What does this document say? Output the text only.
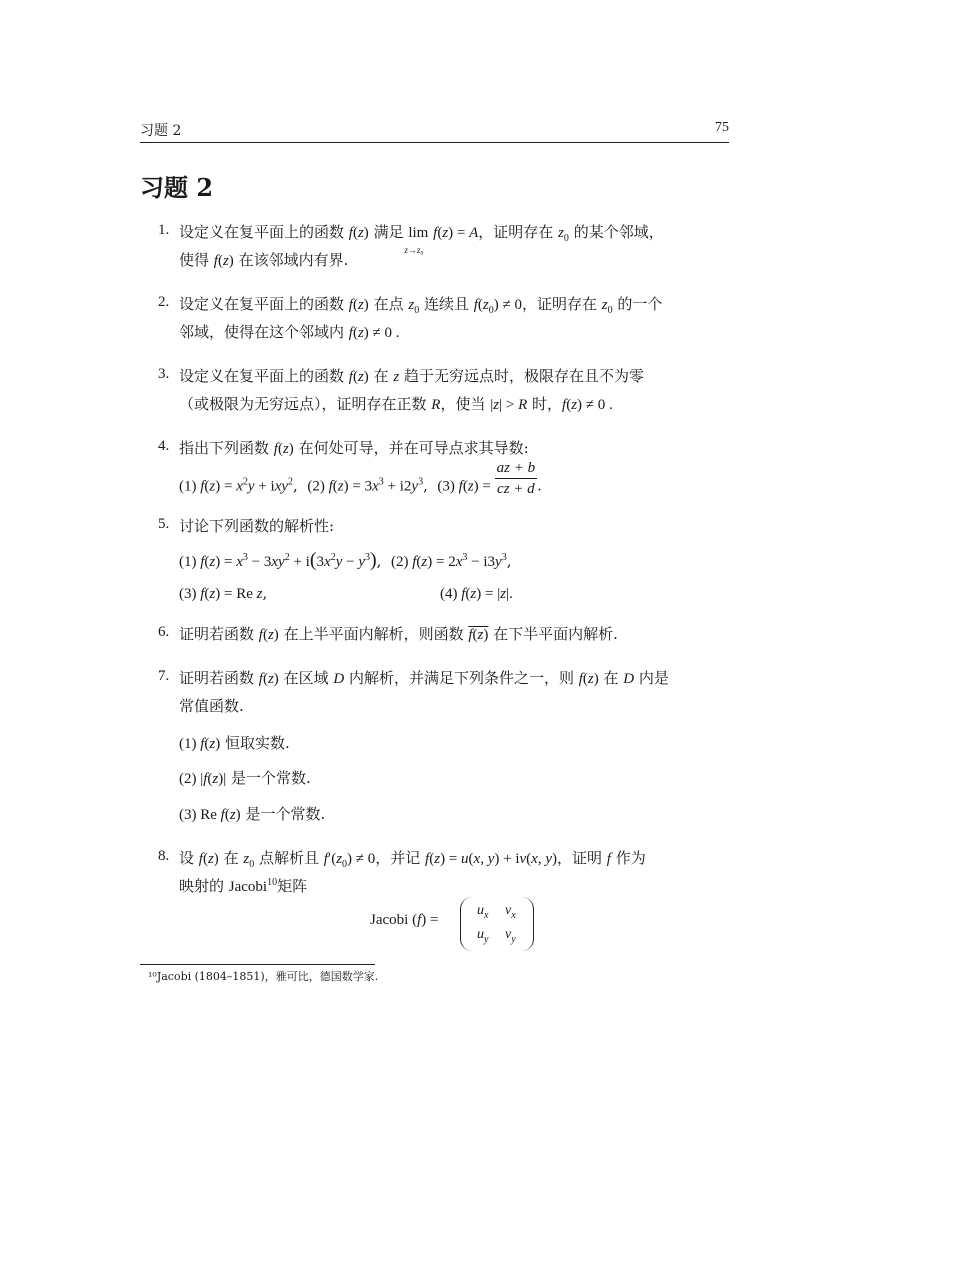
习题 2	75
习题 2
1. 设定义在复平面上的函数 f(z) 满足 lim
z→z₀
f(z) = A，证明存在 $z_0$ 的某个邻域，
使得 f(z) 在该邻域内有界.
2. 设定义在复平面上的函数 f(z) 在点 $z_0$ 连续且 $f(z_0) \ne 0$，证明存在 $z_0$ 的一个
邻域，使得在这个邻域内 f(z) ≠ 0 .
3. 设定义在复平面上的函数 f(z) 在 z 趋于无穷远点时，极限存在且不为零
（或极限为无穷远点），证明存在正数 R，使当 |z| > R 时，f(z) ≠ 0 .
4. 指出下列函数 f(z) 在何处可导，并在可导点求其导数:
(1) $f(z) = x^2y + ixy^2$,  (2) $f(z) = 3x^3 + i2y^3$,  (3) $f(z) = \frac{az + b}{cz + d}$ .
5. 讨论下列函数的解析性:
(1) $f(z) = x^3 - 3xy^2 + i(3x^2y - y^3)$,  (2) $f(z) = 2x^3 - i3y^3$,
(3) f(z) = Re z,	(4) f(z) = |z|.
6. 证明若函数 f(z) 在上半平面内解析，则函数 f(z) 在下半平面内解析.
7. 证明若函数 f(z) 在区域 D 内解析，并满足下列条件之一，则 f(z) 在 D 内是
常值函数.
(1) f(z) 恒取实数.
(2) |f(z)| 是一个常数.
(3) Re f(z) 是一个常数.
8. 设 f(z) 在 $z_0$ 点解析且 $f'(z_0) \ne 0$，并记 f(z) = u(x, y) + iv(x, y)，证明 f 作为
映射的 Jacobi$^{10}$矩阵
Jacobi (f) =
$u_x$ $v_x$
$u_y$ $v_y$
¹⁰Jacobi (1804–1851)，雅可比，德国数学家.
